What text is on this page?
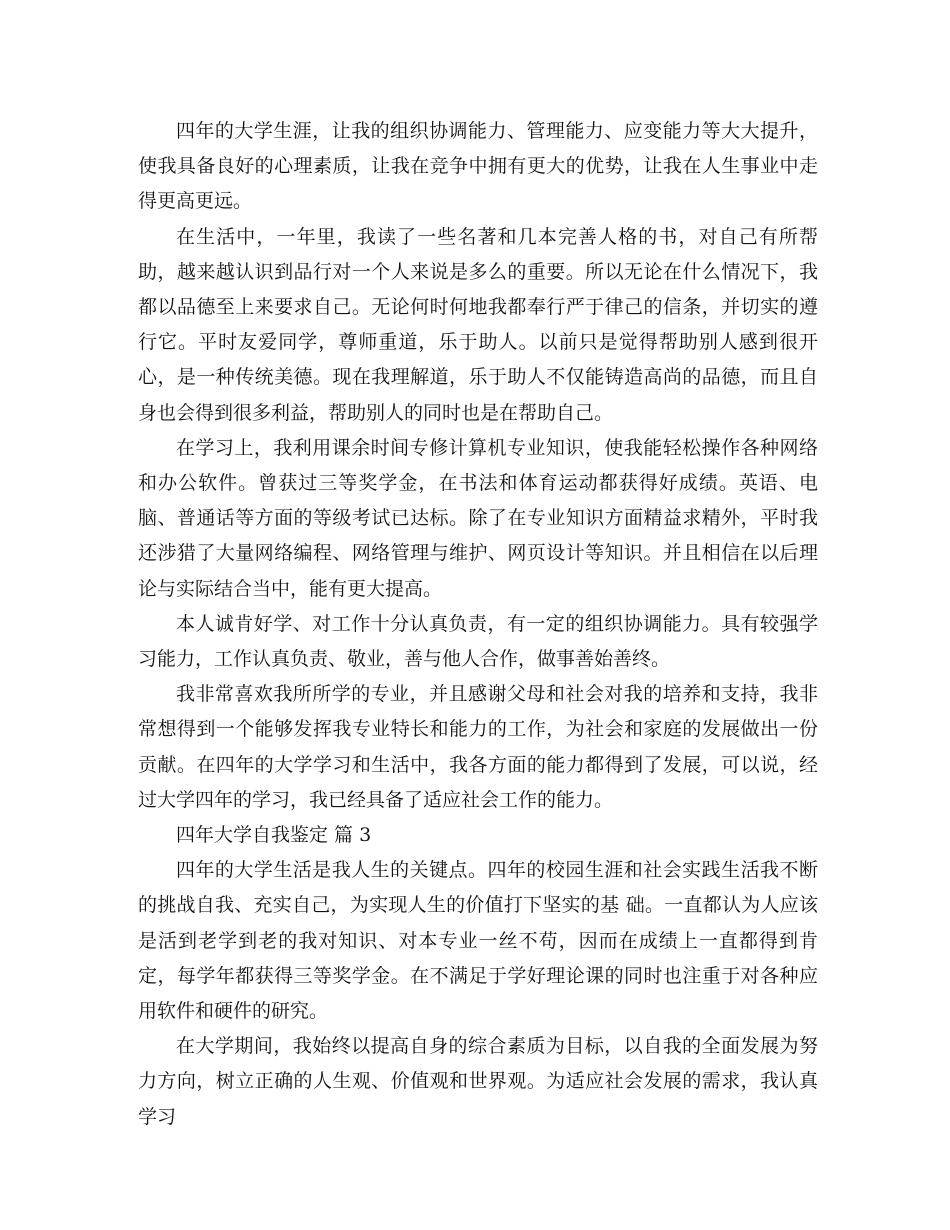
四年的大学生涯，让我的组织协调能力、管理能力、应变能力等大大提升，使我具备良好的心理素质，让我在竞争中拥有更大的优势，让我在人生事业中走得更高更远。

在生活中，一年里，我读了一些名著和几本完善人格的书，对自己有所帮助，越来越认识到品行对一个人来说是多么的重要。所以无论在什么情况下，我都以品德至上来要求自己。无论何时何地我都奉行严于律己的信条，并切实的遵行它。平时友爱同学，尊师重道，乐于助人。以前只是觉得帮助别人感到很开心，是一种传统美德。现在我理解道，乐于助人不仅能铸造高尚的品德，而且自身也会得到很多利益，帮助别人的同时也是在帮助自己。

在学习上，我利用课余时间专修计算机专业知识，使我能轻松操作各种网络和办公软件。曾获过三等奖学金，在书法和体育运动都获得好成绩。英语、电脑、普通话等方面的等级考试已达标。除了在专业知识方面精益求精外，平时我还涉猎了大量网络编程、网络管理与维护、网页设计等知识。并且相信在以后理论与实际结合当中，能有更大提高。

本人诚肯好学、对工作十分认真负责，有一定的组织协调能力。具有较强学习能力，工作认真负责、敬业，善与他人合作，做事善始善终。

我非常喜欢我所所学的专业，并且感谢父母和社会对我的培养和支持，我非常想得到一个能够发挥我专业特长和能力的工作，为社会和家庭的发展做出一份贡献。在四年的大学学习和生活中，我各方面的能力都得到了发展，可以说，经过大学四年的学习，我已经具备了适应社会工作的能力。

四年大学自我鉴定 篇 3

四年的大学生活是我人生的关键点。四年的校园生涯和社会实践生活我不断的挑战自我、充实自己，为实现人生的价值打下坚实的基 础。一直都认为人应该是活到老学到老的我对知识、对本专业一丝不苟，因而在成绩上一直都得到肯定，每学年都获得三等奖学金。在不满足于学好理论课的同时也注重于对各种应用软件和硬件的研究。

在大学期间，我始终以提高自身的综合素质为目标，以自我的全面发展为努力方向，树立正确的人生观、价值观和世界观。为适应社会发展的需求，我认真学习
